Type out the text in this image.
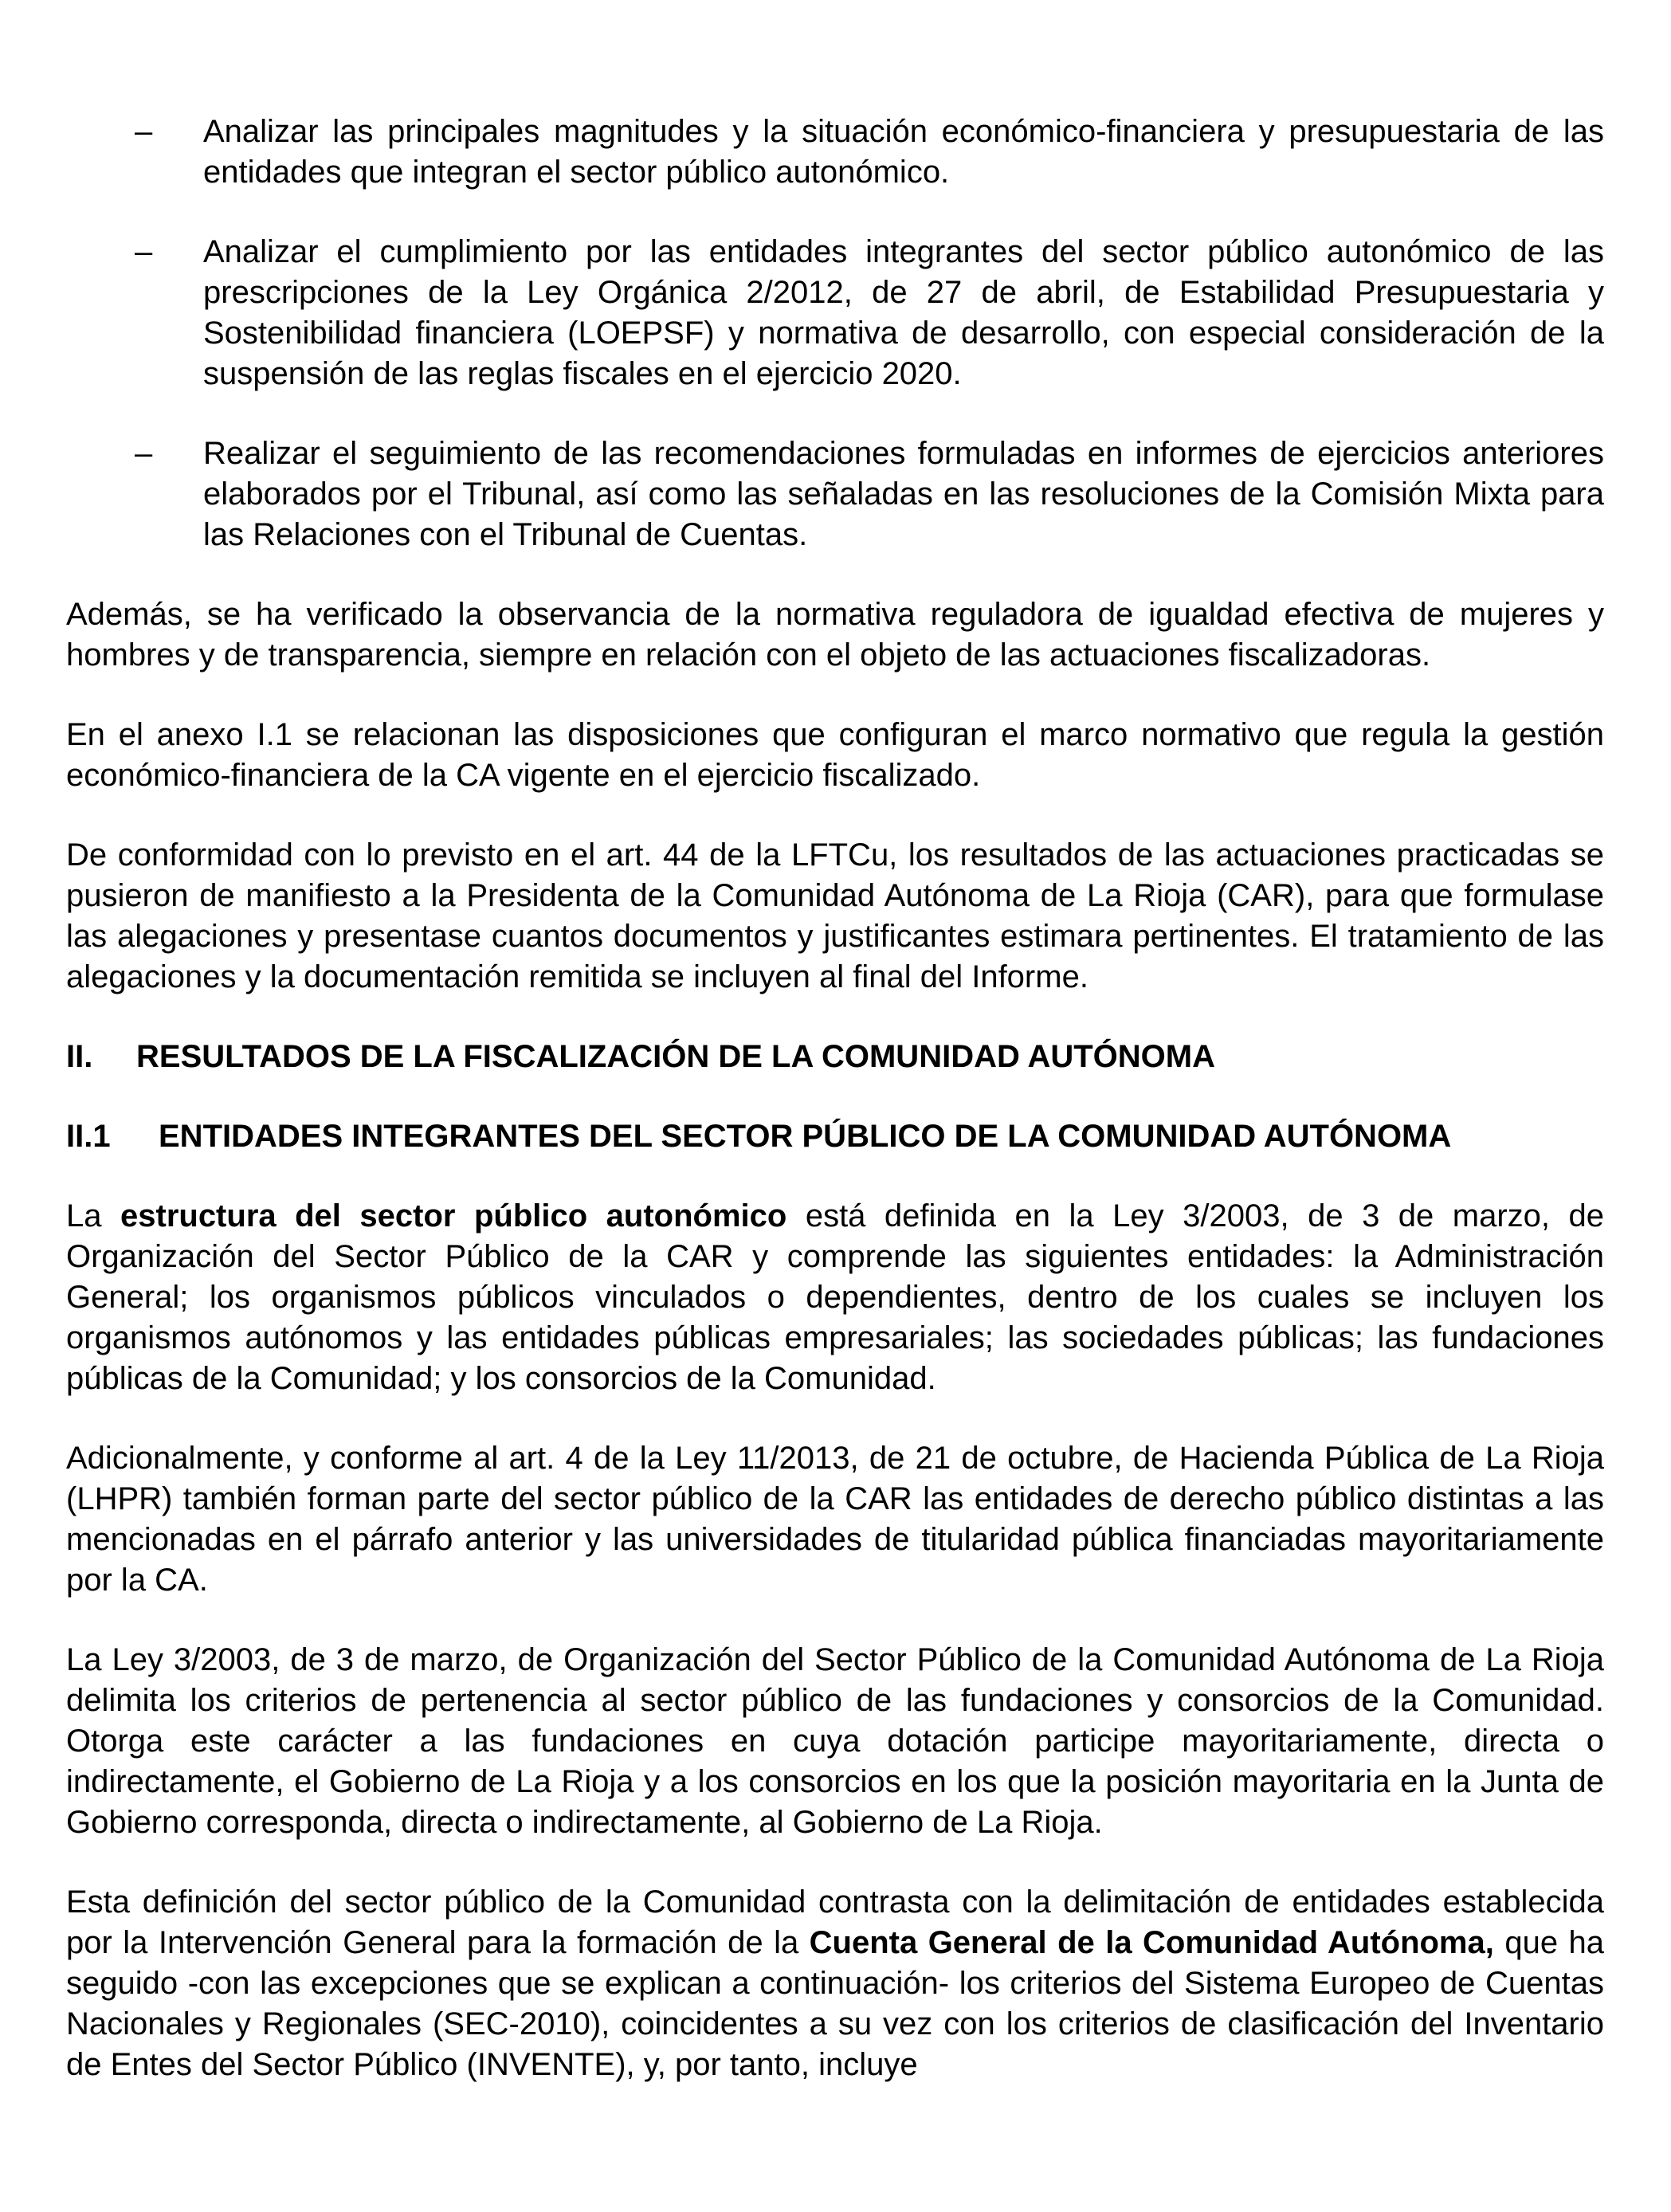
– Analizar las principales magnitudes y la situación económico-financiera y presupuestaria de las entidades que integran el sector público autonómico.
– Analizar el cumplimiento por las entidades integrantes del sector público autonómico de las prescripciones de la Ley Orgánica 2/2012, de 27 de abril, de Estabilidad Presupuestaria y Sostenibilidad financiera (LOEPSF) y normativa de desarrollo, con especial consideración de la suspensión de las reglas fiscales en el ejercicio 2020.
– Realizar el seguimiento de las recomendaciones formuladas en informes de ejercicios anteriores elaborados por el Tribunal, así como las señaladas en las resoluciones de la Comisión Mixta para las Relaciones con el Tribunal de Cuentas.

Además, se ha verificado la observancia de la normativa reguladora de igualdad efectiva de mujeres y hombres y de transparencia, siempre en relación con el objeto de las actuaciones fiscalizadoras.

En el anexo I.1 se relacionan las disposiciones que configuran el marco normativo que regula la gestión económico-financiera de la CA vigente en el ejercicio fiscalizado.

De conformidad con lo previsto en el art. 44 de la LFTCu, los resultados de las actuaciones practicadas se pusieron de manifiesto a la Presidenta de la Comunidad Autónoma de La Rioja (CAR), para que formulase las alegaciones y presentase cuantos documentos y justificantes estimara pertinentes. El tratamiento de las alegaciones y la documentación remitida se incluyen al final del Informe.

II. RESULTADOS DE LA FISCALIZACIÓN DE LA COMUNIDAD AUTÓNOMA
II.1 ENTIDADES INTEGRANTES DEL SECTOR PÚBLICO DE LA COMUNIDAD AUTÓNOMA

La estructura del sector público autonómico está definida en la Ley 3/2003, de 3 de marzo, de Organización del Sector Público de la CAR y comprende las siguientes entidades: la Administración General; los organismos públicos vinculados o dependientes, dentro de los cuales se incluyen los organismos autónomos y las entidades públicas empresariales; las sociedades públicas; las fundaciones públicas de la Comunidad; y los consorcios de la Comunidad.

Adicionalmente, y conforme al art. 4 de la Ley 11/2013, de 21 de octubre, de Hacienda Pública de La Rioja (LHPR) también forman parte del sector público de la CAR las entidades de derecho público distintas a las mencionadas en el párrafo anterior y las universidades de titularidad pública financiadas mayoritariamente por la CA.

La Ley 3/2003, de 3 de marzo, de Organización del Sector Público de la Comunidad Autónoma de La Rioja delimita los criterios de pertenencia al sector público de las fundaciones y consorcios de la Comunidad. Otorga este carácter a las fundaciones en cuya dotación participe mayoritariamente, directa o indirectamente, el Gobierno de La Rioja y a los consorcios en los que la posición mayoritaria en la Junta de Gobierno corresponda, directa o indirectamente, al Gobierno de La Rioja.

Esta definición del sector público de la Comunidad contrasta con la delimitación de entidades establecida por la Intervención General para la formación de la Cuenta General de la Comunidad Autónoma, que ha seguido -con las excepciones que se explican a continuación- los criterios del Sistema Europeo de Cuentas Nacionales y Regionales (SEC-2010), coincidentes a su vez con los criterios de clasificación del Inventario de Entes del Sector Público (INVENTE), y, por tanto, incluye
